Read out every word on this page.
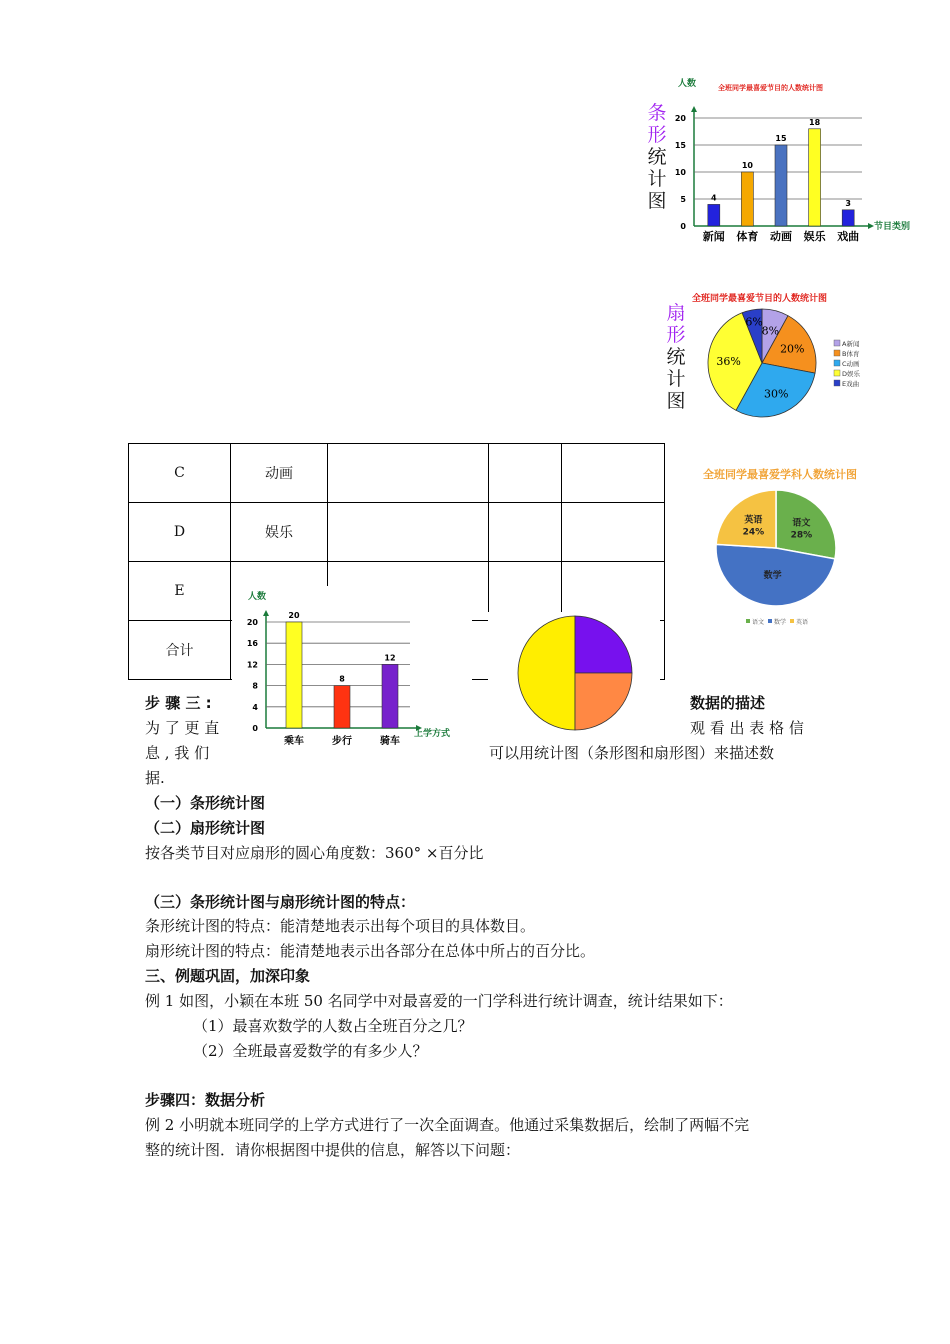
条
形
统
计
图
0
5
10
15
20
人数
节目类别
4
新闻
10
体育
15
动画
18
娱乐
3
戏曲
全班同学最喜爱节目的人数统计图
扇
形
统
计
图
全班同学最喜爱节目的人数统计图
8%
20%
30%
36%
6%
A新闻
B体育
C动画
D娱乐
E戏曲
C	动画			
D	娱乐			
E				
合计				
全班同学最喜爱学科人数统计图
语文
28%
数学
英语
24%
语文 数学 英语
0
4
8
12
16
20
人数
上学方式
20
乘车
8
步行
12
骑车
步 骤 三 :	数据的描述
为 了 更 直	观 看 出 表 格 信
息 , 我 们	可以用统计图（条形图和扇形图）来描述数
据.
（一）条形统计图
（二）扇形统计图
按各类节目对应扇形的圆心角度数：360° ×百分比
（三）条形统计图与扇形统计图的特点：
条形统计图的特点：能清楚地表示出每个项目的具体数目。
扇形统计图的特点：能清楚地表示出各部分在总体中所占的百分比。
三、例题巩固，加深印象
例 1 如图，小颖在本班 50 名同学中对最喜爱的一门学科进行统计调查，统计结果如下：
（1）最喜欢数学的人数占全班百分之几？
（2）全班最喜爱数学的有多少人？
步骤四：数据分析
例 2 小明就本班同学的上学方式进行了一次全面调查。他通过采集数据后，绘制了两幅不完
整的统计图．请你根据图中提供的信息，解答以下问题：
